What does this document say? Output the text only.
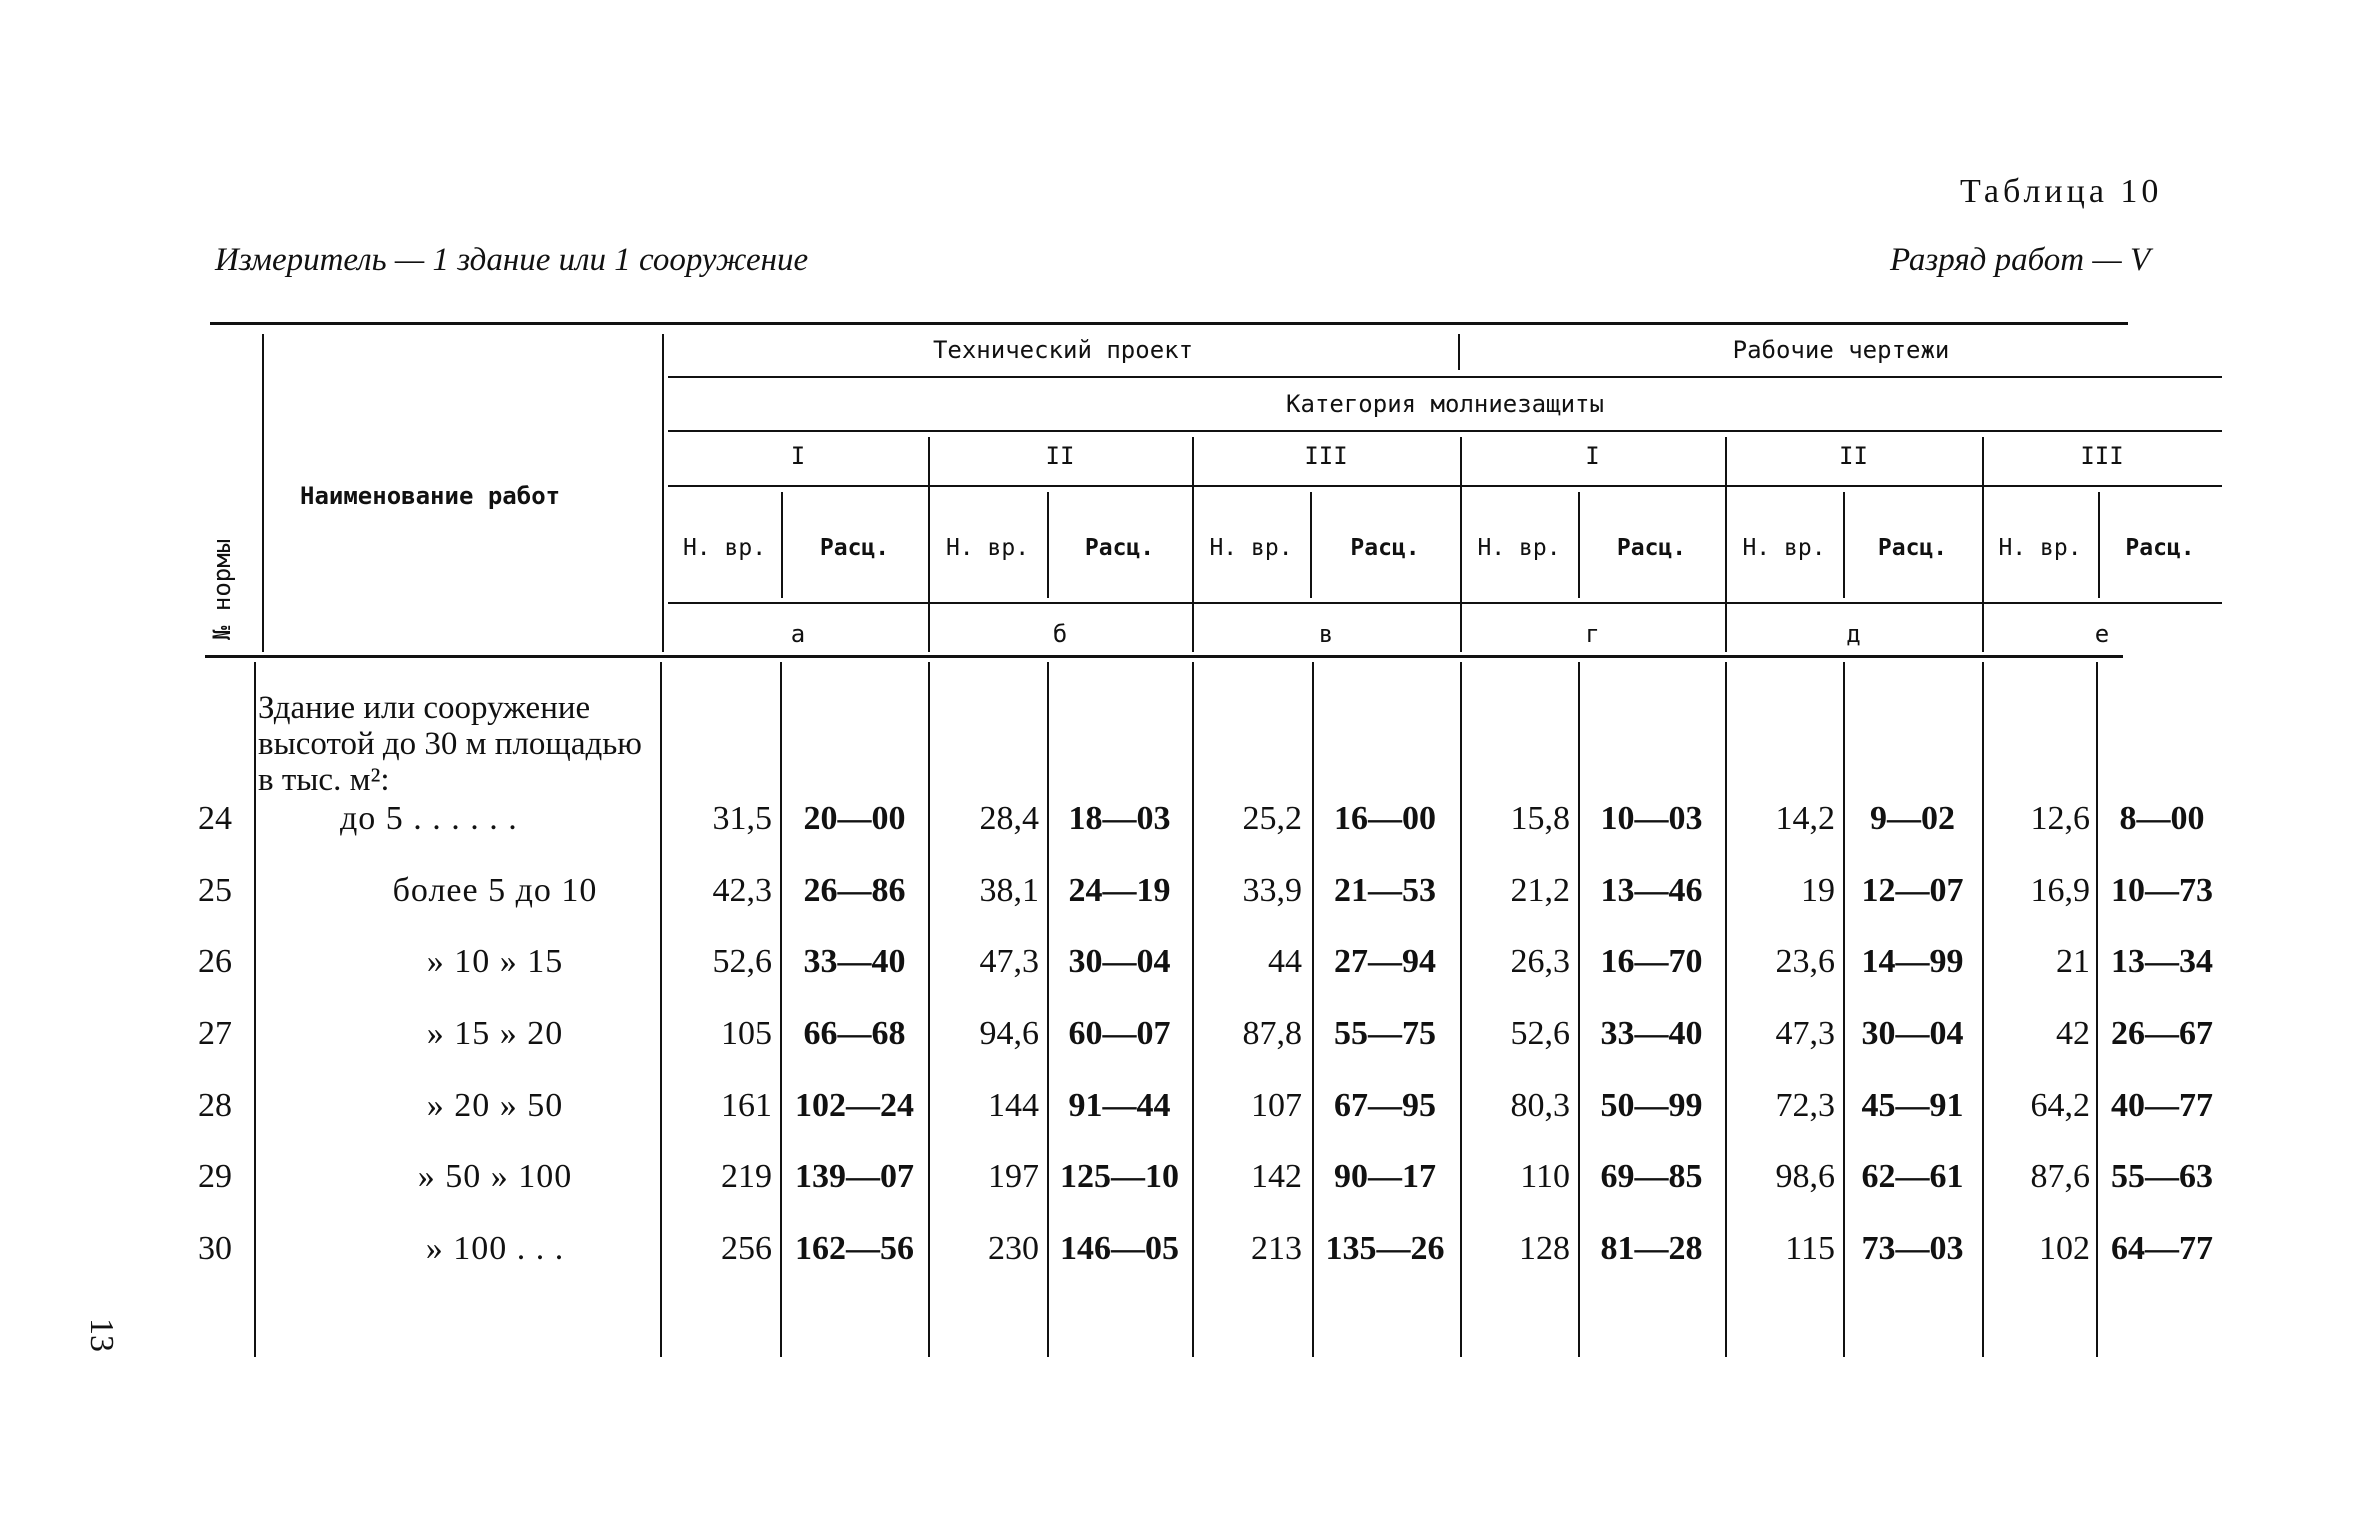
Таблица 10
Измеритель — 1 здание или 1 сооружение	Разряд работ — V
13
№ нормы
Наименование работ
Технический проект	Рабочие чертежи
Категория молниезащиты
I	II	III	I	II	III
Н. вр.	Расц.	Н. вр.	Расц.	Н. вр.	Расц.	Н. вр.	Расц.	Н. вр.	Расц.	Н. вр.	Расц.
а	б	в	г	д	е
Здание или сооружение высотой до 30 м площадью в тыс. м²:
24	до 5 . . . . . .	31,5 20—00	28,4 18—03	25,2 16—00	15,8 10—03	14,2	9—02	12,6 8—00
25	более 5 до 10	42,3 26—86	38,1 24—19	33,9 21—53	21,2 13—46	19 12—07	16,9 10—73
26	» 10 » 15	52,6 33—40	47,3 30—04	44 27—94	26,3 16—70	23,6 14—99	21 13—34
27	» 15 » 20	105 66—68	94,6 60—07	87,8 55—75	52,6 33—40	47,3 30—04	42 26—67
28	» 20 » 50	161 102—24	144 91—44	107 67—95	80,3 50—99	72,3 45—91	64,2 40—77
29	» 50 » 100	219 139—07	197 125—10	142 90—17	110 69—85	98,6 62—61	87,6 55—63
30	» 100 . . .	256 162—56	230 146—05	213 135—26	128 81—28	115 73—03	102 64—77
